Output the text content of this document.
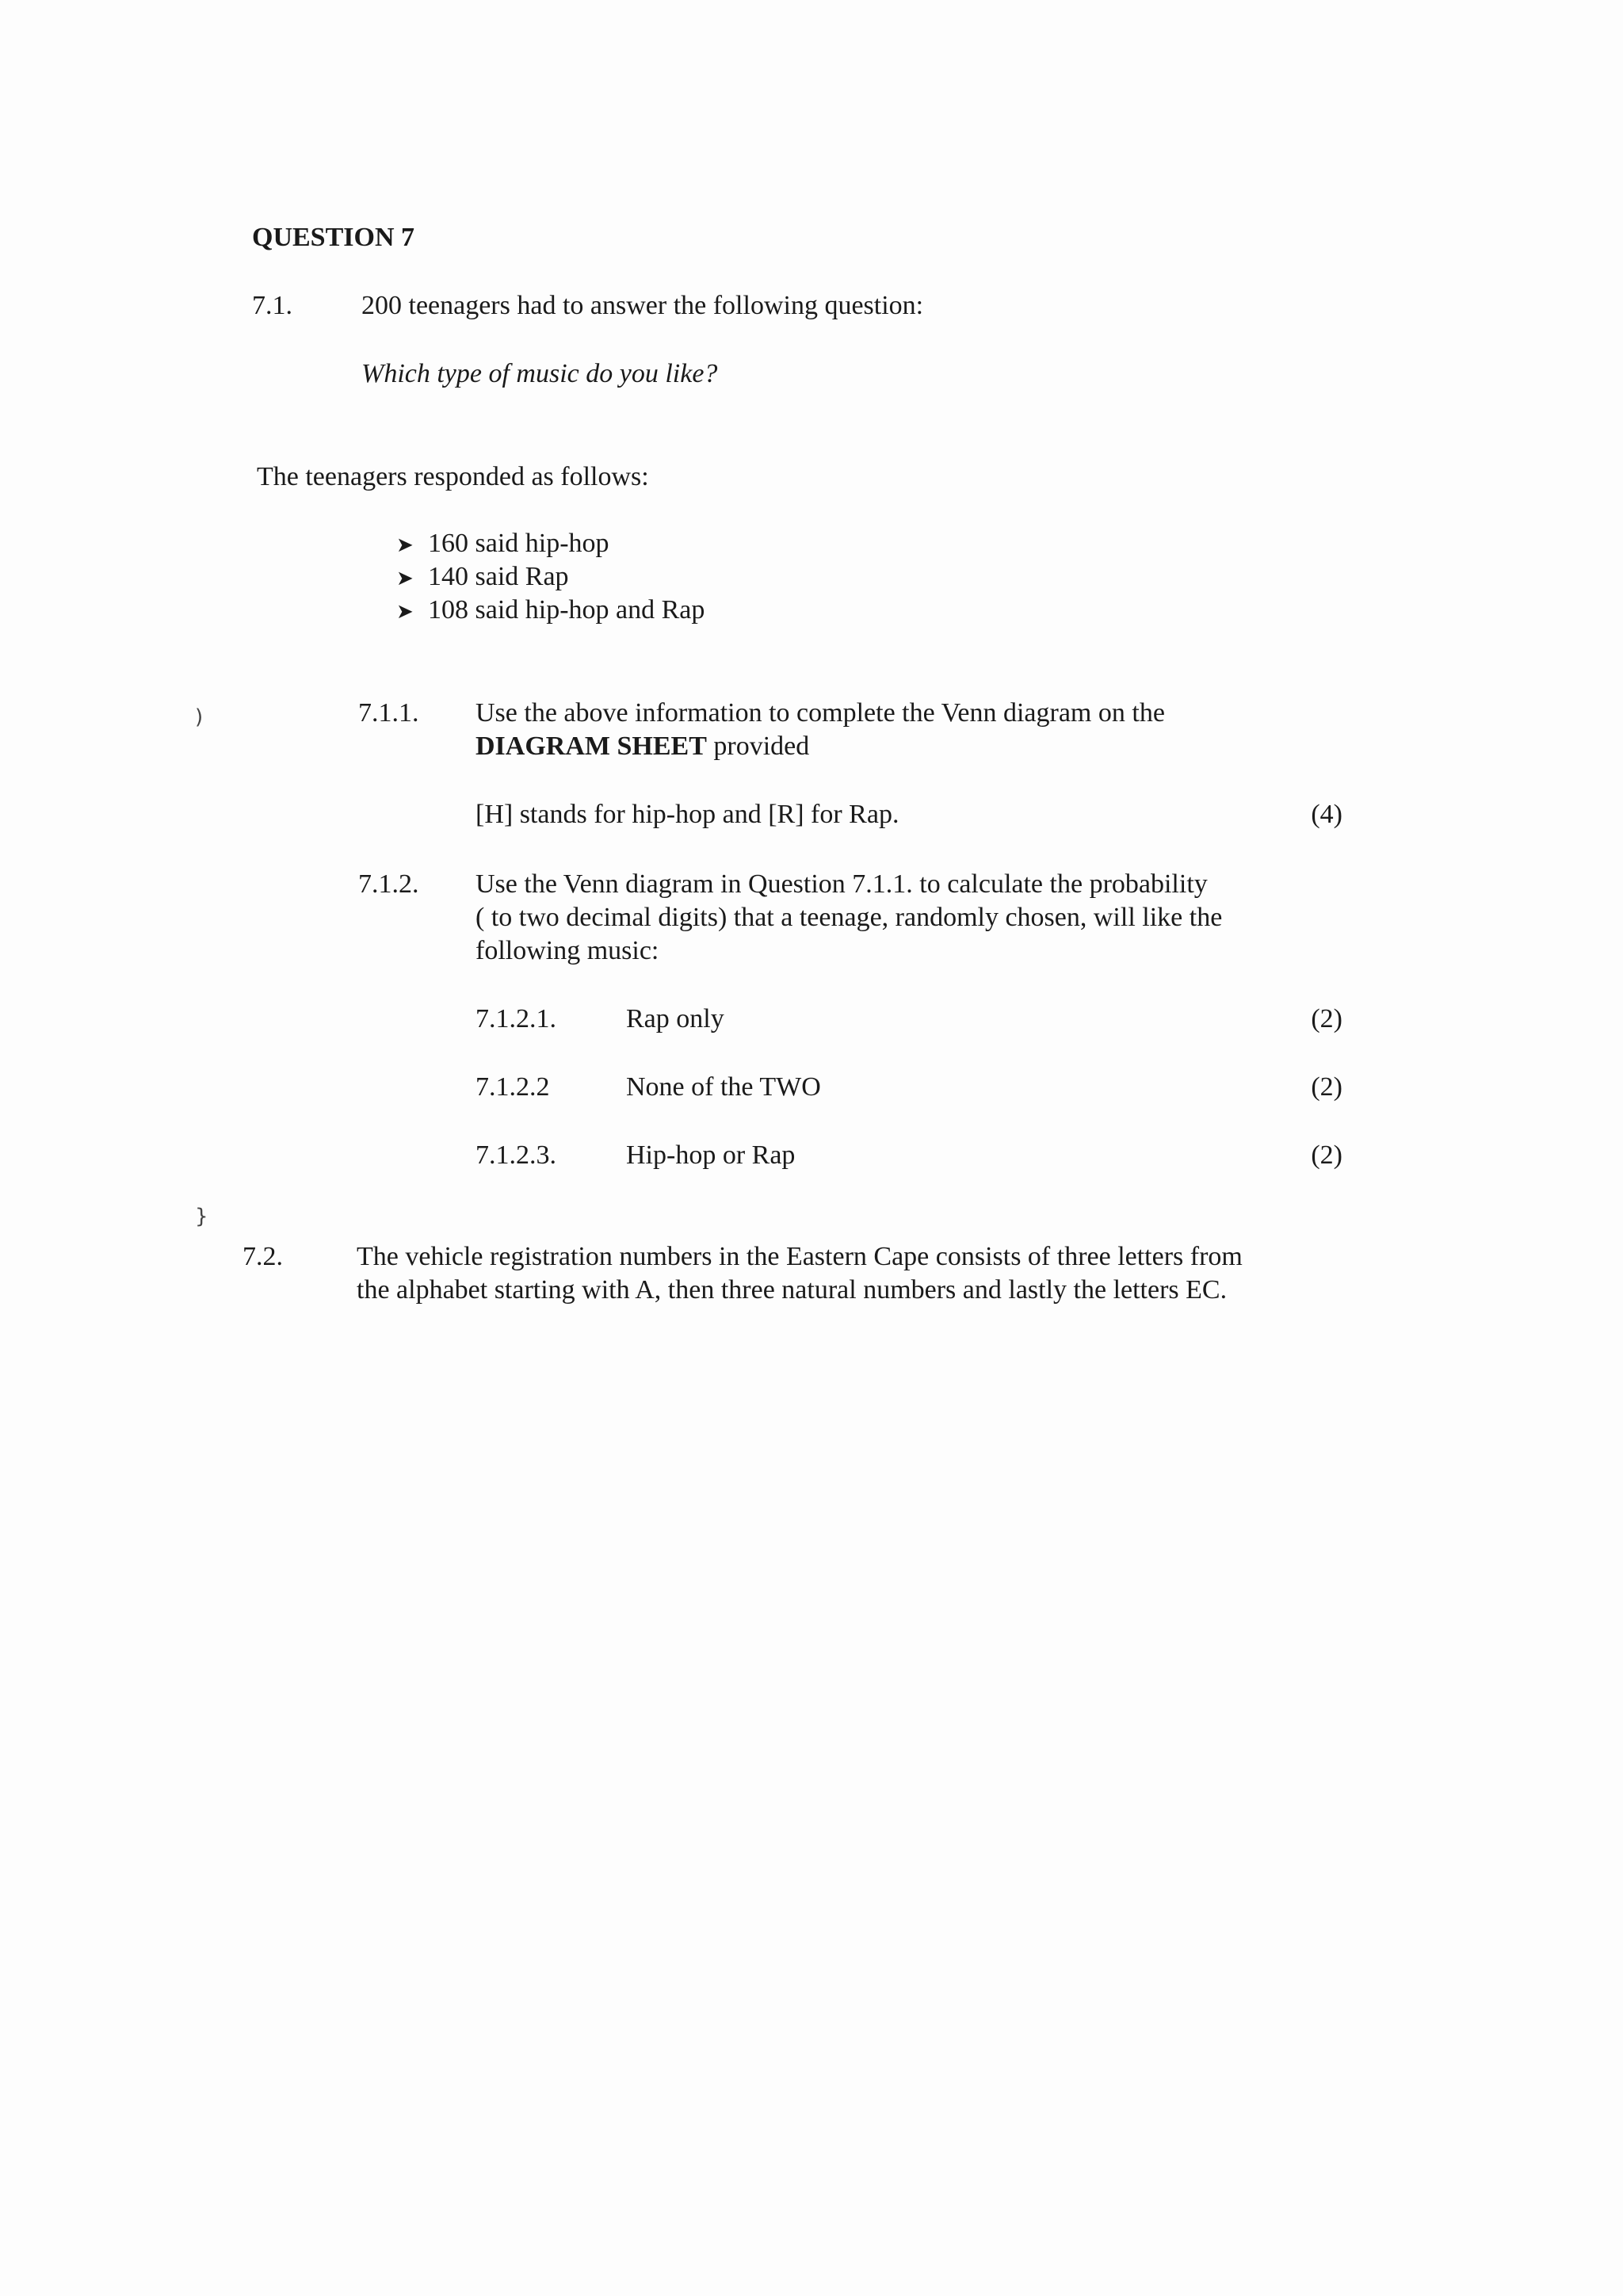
QUESTION 7
7.1.	200 teenagers had to answer the following question:
Which type of music do you like?
The teenagers responded as follows:
➤ 160 said hip-hop
➤ 140 said Rap
➤ 108 said hip-hop and Rap
)	7.1.1. Use the above information to complete the Venn diagram on the
DIAGRAM SHEET provided
[H] stands for hip-hop and [R] for Rap.	(4)
7.1.2. Use the Venn diagram in Question 7.1.1. to calculate the probability
( to two decimal digits) that a teenage, randomly chosen, will like the
following music:
7.1.2.1.	Rap only	(2)
7.1.2.2	None of the TWO	(2)
7.1.2.3.	Hip-hop or Rap	(2)
}
7.2.	The vehicle registration numbers in the Eastern Cape consists of three letters from
the alphabet starting with A, then three natural numbers and lastly the letters EC.
